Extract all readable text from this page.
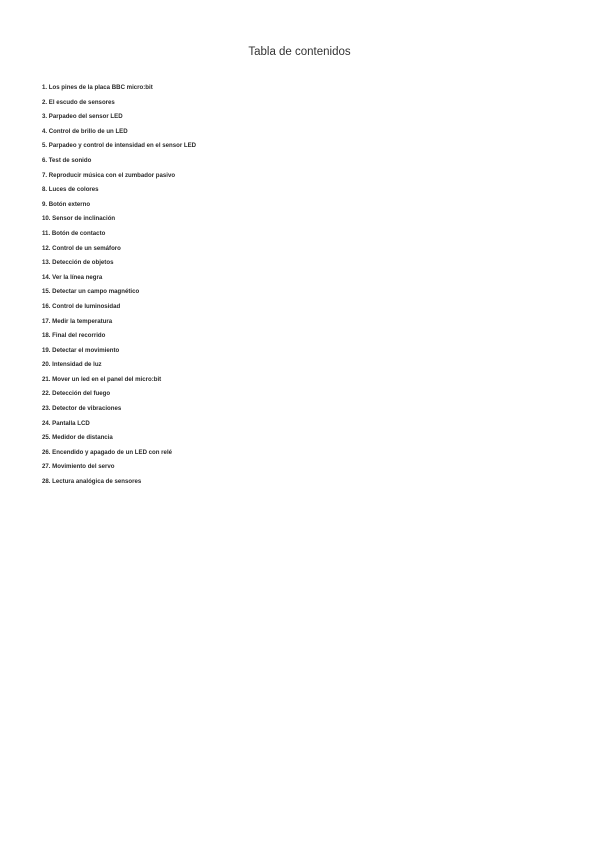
Tabla de contenidos
1. Los pines de la placa BBC micro:bit
2. El escudo de sensores
3. Parpadeo del sensor LED
4. Control de brillo de un LED
5. Parpadeo y control de intensidad en el sensor LED
6. Test de sonido
7. Reproducir música con el zumbador pasivo
8. Luces de colores
9. Botón externo
10. Sensor de inclinación
11. Botón de contacto
12. Control de un semáforo
13. Detección de objetos
14. Ver la línea negra
15. Detectar un campo magnético
16. Control de luminosidad
17. Medir la temperatura
18. Final del recorrido
19. Detectar el movimiento
20. Intensidad de luz
21. Mover un led en el panel del micro:bit
22. Detección del fuego
23. Detector de vibraciones
24. Pantalla LCD
25. Medidor de distancia
26. Encendido y apagado de un LED con relé
27. Movimiento del servo
28. Lectura analógica de sensores
